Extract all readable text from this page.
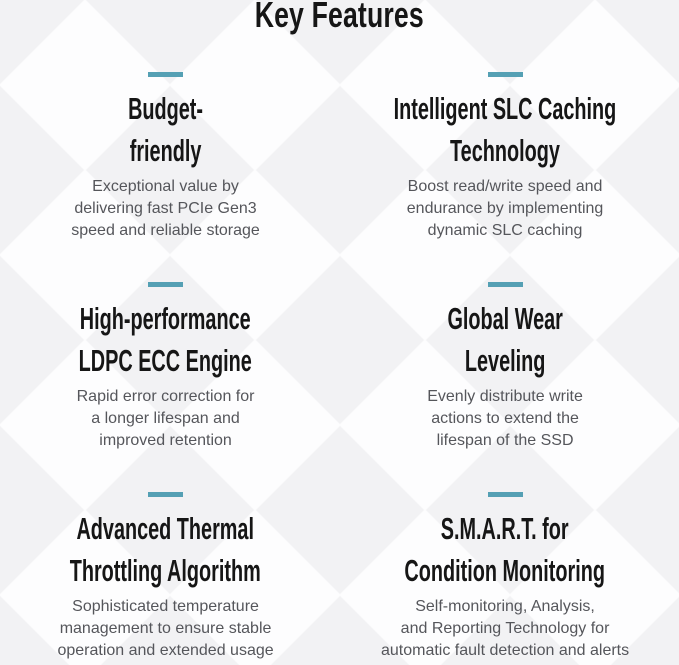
Key Features
Budget-
friendly
Exceptional value by
delivering fast PCIe Gen3
speed and reliable storage
Intelligent SLC Caching
Technology
Boost read/write speed and
endurance by implementing
dynamic SLC caching
High-performance
LDPC ECC Engine
Rapid error correction for
a longer lifespan and
improved retention
Global Wear
Leveling
Evenly distribute write
actions to extend the
lifespan of the SSD
Advanced Thermal
Throttling Algorithm
Sophisticated temperature
management to ensure stable
operation and extended usage
S.M.A.R.T. for
Condition Monitoring
Self-monitoring, Analysis,
and Reporting Technology for
automatic fault detection and alerts
